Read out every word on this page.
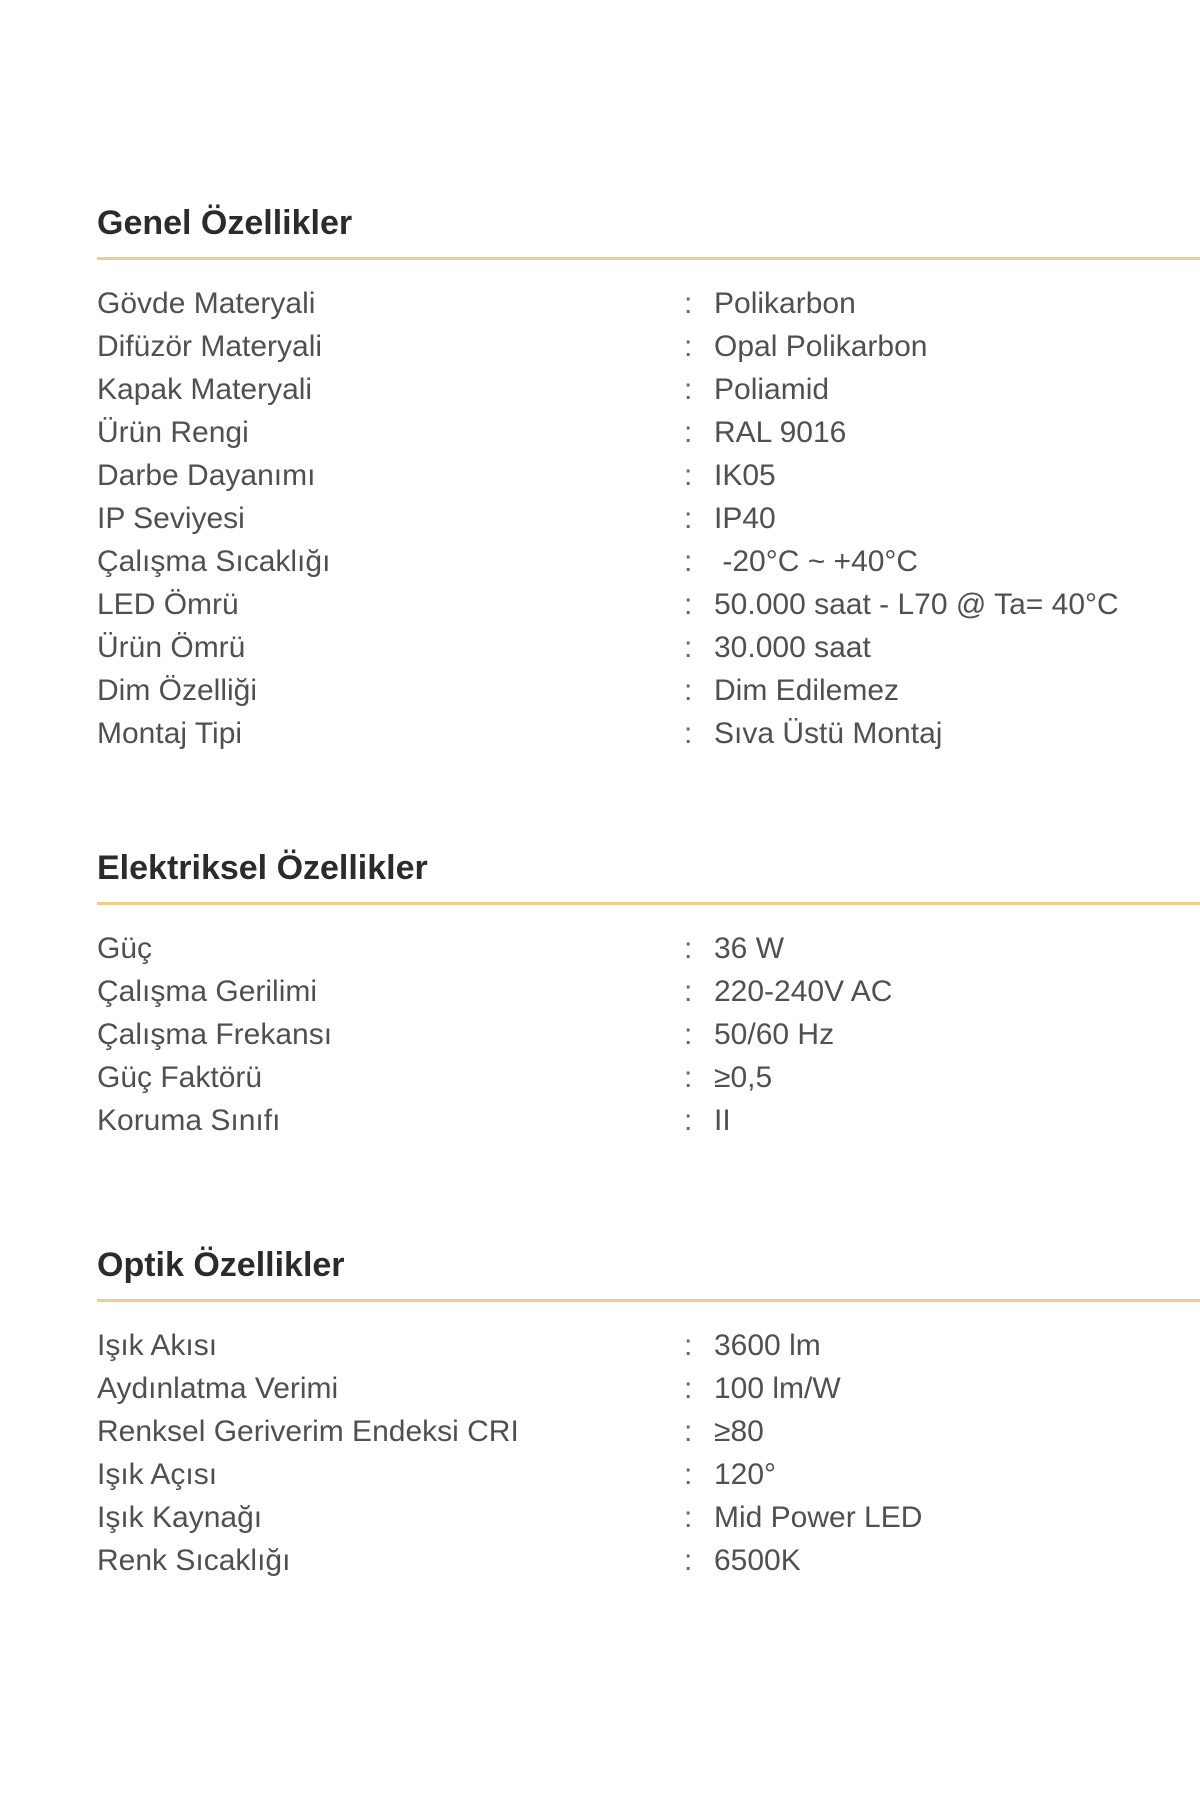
Genel Özellikler
Gövde Materyali	: Polikarbon
Difüzör Materyali	: Opal Polikarbon
Kapak Materyali	: Poliamid
Ürün Rengi	: RAL 9016
Darbe Dayanımı	: IK05
IP Seviyesi	: IP40
Çalışma Sıcaklığı	: -20°C ~ +40°C
LED Ömrü	: 50.000 saat - L70 @ Ta= 40°C
Ürün Ömrü	: 30.000 saat
Dim Özelliği	: Dim Edilemez
Montaj Tipi	: Sıva Üstü Montaj
Elektriksel Özellikler
Güç	: 36 W
Çalışma Gerilimi	: 220-240V AC
Çalışma Frekansı	: 50/60 Hz
Güç Faktörü	: ≥0,5
Koruma Sınıfı	: II
Optik Özellikler
Işık Akısı	: 3600 lm
Aydınlatma Verimi	: 100 lm/W
Renksel Geriverim Endeksi CRI	: ≥80
Işık Açısı	: 120°
Işık Kaynağı	: Mid Power LED
Renk Sıcaklığı	: 6500K
